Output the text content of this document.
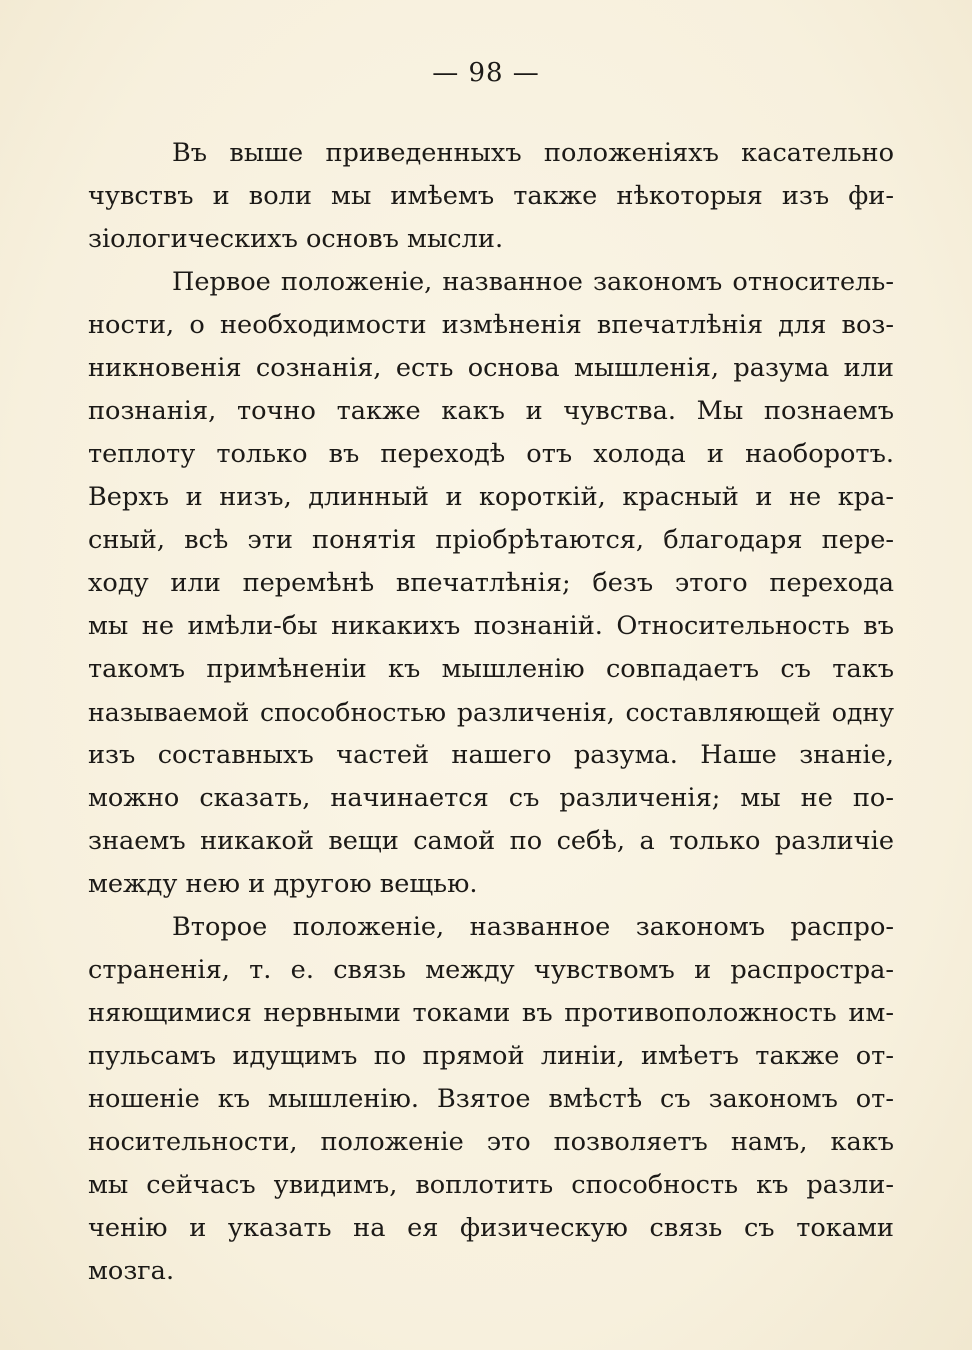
— 98 —
Въ выше приведенныхъ положеніяхъ касательно
чувствъ и воли мы имѣемъ также нѣкоторыя изъ фи-
зіологическихъ основъ мысли.
Первое положеніе, названное закономъ относитель-
ности, о необходимости измѣненія впечатлѣнія для воз-
никновенія сознанія, есть основа мышленія, разума или
познанія, точно также какъ и чувства. Мы познаемъ
теплоту только въ переходѣ отъ холода и наоборотъ.
Верхъ и низъ, длинный и короткій, красный и не кра-
сный, всѣ эти понятія пріобрѣтаются, благодаря пере-
ходу или перемѣнѣ впечатлѣнія; безъ этого перехода
мы не имѣли-бы никакихъ познаній. Относительность въ
такомъ примѣненіи къ мышленію совпадаетъ съ такъ
называемой способностью различенія, составляющей одну
изъ составныхъ частей нашего разума. Наше знаніе,
можно сказать, начинается съ различенія; мы не по-
знаемъ никакой вещи самой по себѣ, а только различіе
между нею и другою вещью.
Второе положеніе, названное закономъ распро-
страненія, т. е. связь между чувствомъ и распростра-
няющимися нервными токами въ противоположность им-
пульсамъ идущимъ по прямой линіи, имѣетъ также от-
ношеніе къ мышленію. Взятое вмѣстѣ съ закономъ от-
носительности, положеніе это позволяетъ намъ, какъ
мы сейчасъ увидимъ, воплотить способность къ разли-
ченію и указать на ея физическую связь съ токами
мозга.
